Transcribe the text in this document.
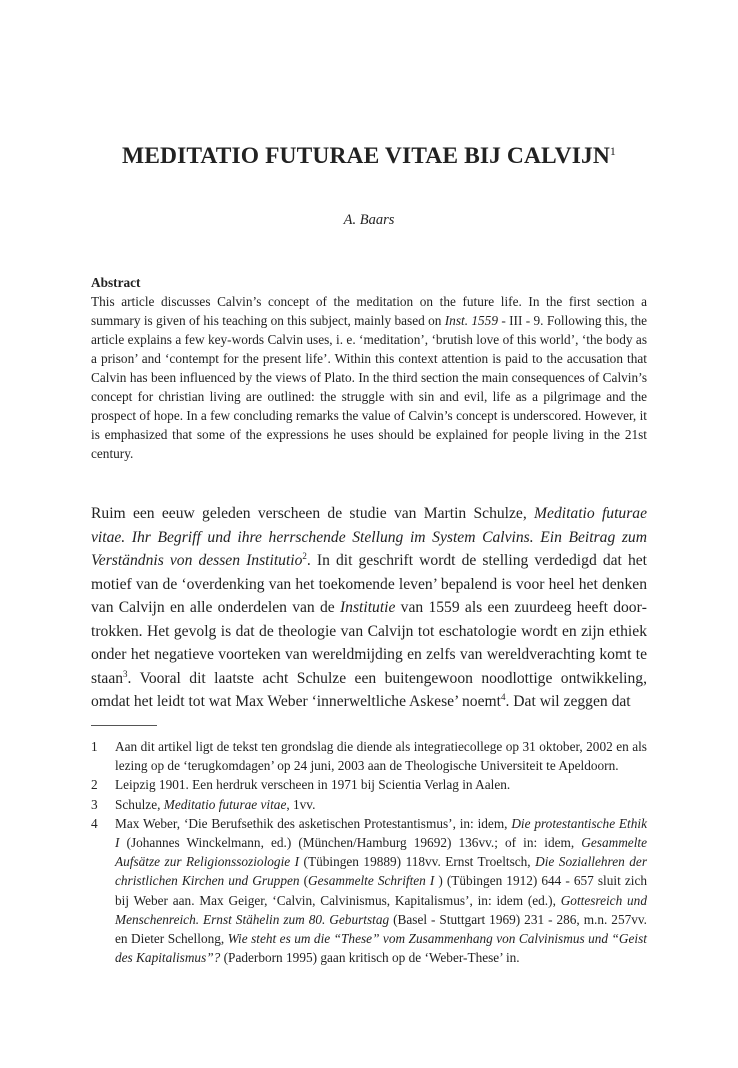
MEDITATIO FUTURAE VITAE BIJ CALVIJN$^1$
A. Baars
Abstract
This article discusses Calvin’s concept of the meditation on the future life. In the first section a summary is given of his teaching on this subject, mainly based on Inst. 1559 - III - 9. Following this, the article explains a few key-words Calvin uses, i. e. ‘meditation’, ‘brutish love of this world’, ‘the body as a prison’ and ‘contempt for the present life’. Within this context attention is paid to the accusation that Calvin has been influenced by the views of Plato. In the third section the main consequences of Calvin’s concept for christian living are outlined: the struggle with sin and evil, life as a pilgrimage and the prospect of hope. In a few concluding remarks the value of Calvin’s concept is underscored. However, it is emphasized that some of the expressions he uses should be explained for people living in the 21st century.
Ruim een eeuw geleden verscheen de studie van Martin Schulze, Meditatio futurae vitae. Ihr Begriff und ihre herrschende Stellung im System Calvins. Ein Beitrag zum Verständnis von dessen Institutio$^2$. In dit geschrift wordt de stelling verdedigd dat het motief van de ‘overdenking van het toekomende leven’ bepalend is voor heel het denken van Calvijn en alle onderdelen van de Institutie van 1559 als een zuurdeeg heeft doortrokken. Het gevolg is dat de theologie van Calvijn tot eschatologie wordt en zijn ethiek onder het negatieve voorteken van wereldmijding en zelfs van wereldverachting komt te staan$^3$. Vooral dit laatste acht Schulze een buitengewoon noodlottige ontwikkeling, omdat het leidt tot wat Max Weber ‘innerweltliche Askese’ noemt$^4$. Dat wil zeggen dat
1	Aan dit artikel ligt de tekst ten grondslag die diende als integratiecollege op 31 oktober, 2002 en als lezing op de ‘terugkomdagen’ op 24 juni, 2003 aan de Theologische Universiteit te Apeldoorn.
2	Leipzig 1901. Een herdruk verscheen in 1971 bij Scientia Verlag in Aalen.
3	Schulze, Meditatio futurae vitae, 1vv.
4	Max Weber, ‘Die Berufsethik des asketischen Protestantismus’, in: idem, Die protestantische Ethik I (Johannes Winckelmann, ed.) (München/Hamburg 19692) 136vv.; of in: idem, Gesammelte Aufsätze zur Religionssoziologie I (Tübingen 19889) 118vv. Ernst Troeltsch, Die Soziallehren der christlichen Kirchen und Gruppen (Gesammelte Schriften I ) (Tübingen 1912) 644 - 657 sluit zich bij Weber aan. Max Geiger, ‘Calvin, Calvinismus, Kapitalismus’, in: idem (ed.), Gottesreich und Menschenreich. Ernst Stähelin zum 80. Geburtstag (Basel - Stuttgart 1969) 231 - 286, m.n. 257vv. en Dieter Schellong, Wie steht es um die “These” vom Zusammenhang von Calvinismus und “Geist des Kapitalismus”? (Paderborn 1995) gaan kritisch op de ‘Weber-These’ in.
